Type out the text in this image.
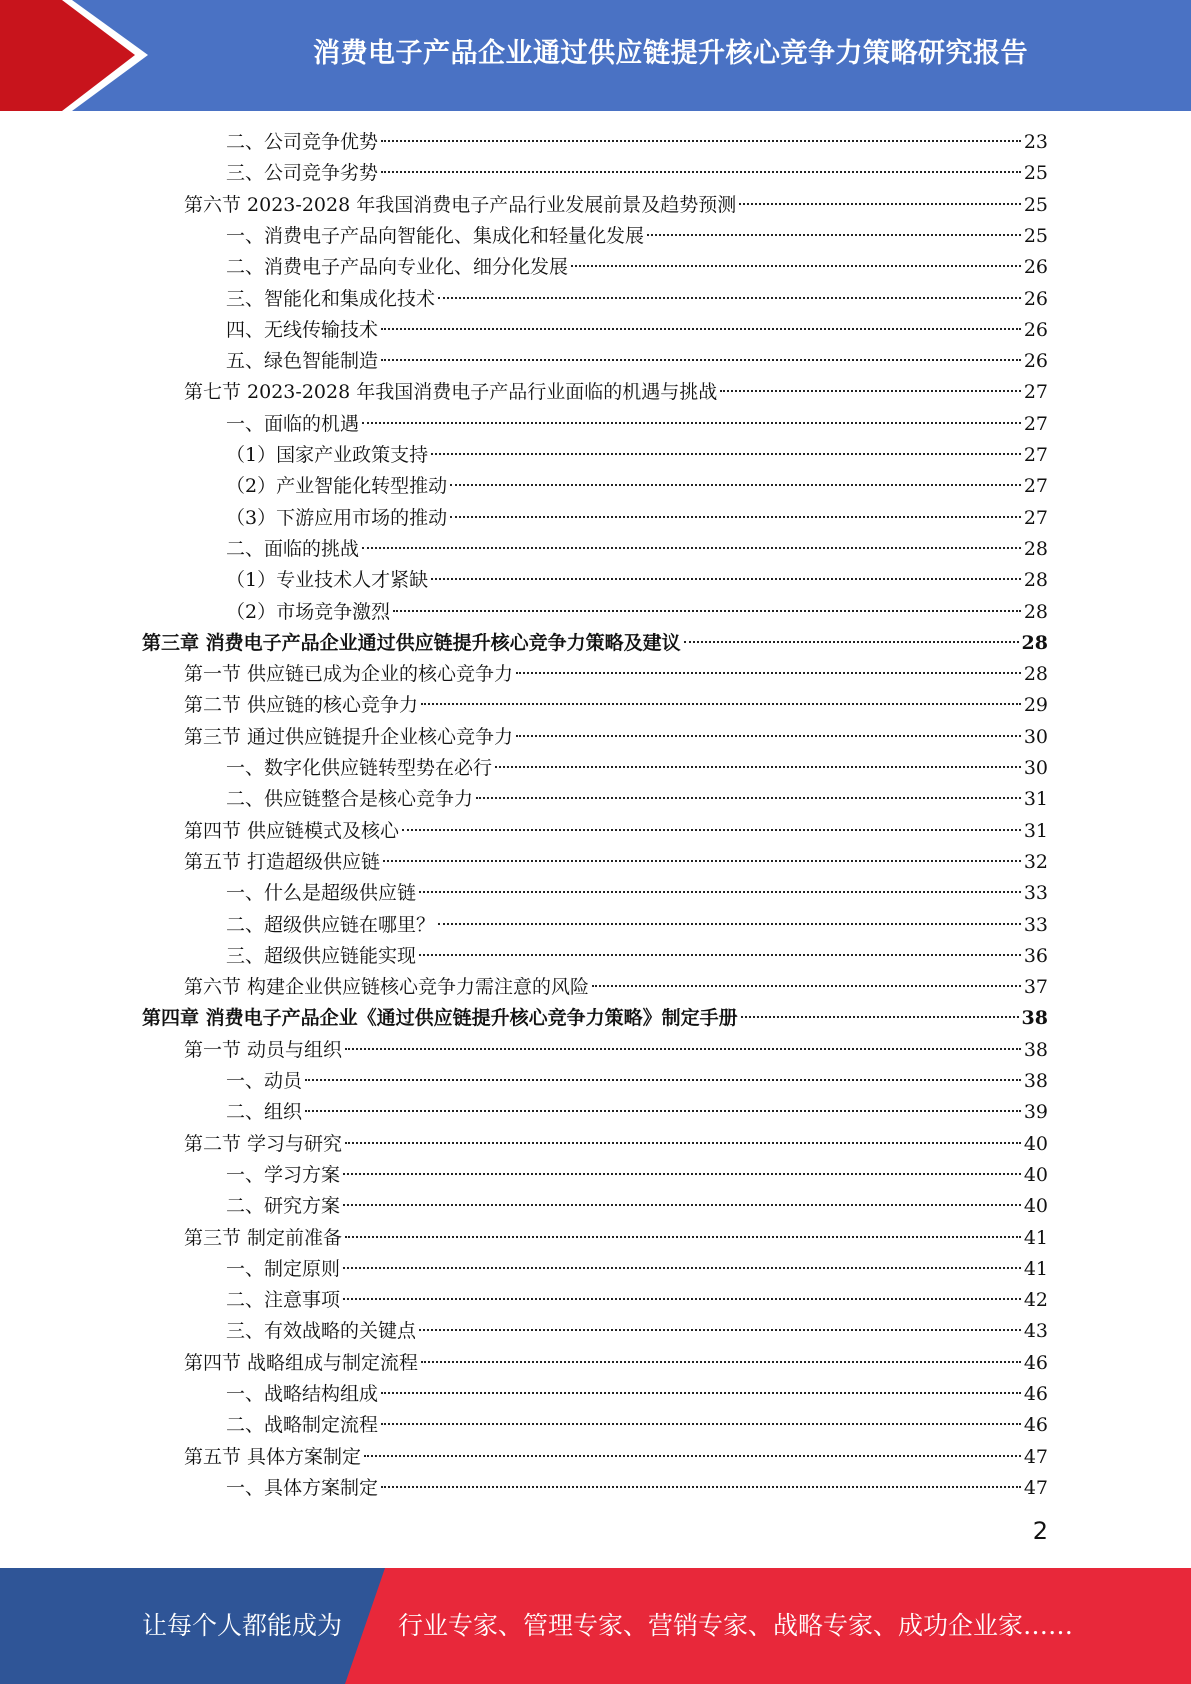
消费电子产品企业通过供应链提升核心竞争力策略研究报告
二、公司竞争优势	23
三、公司竞争劣势	25
第六节 2023-2028 年我国消费电子产品行业发展前景及趋势预测	25
一、消费电子产品向智能化、集成化和轻量化发展	25
二、消费电子产品向专业化、细分化发展	26
三、智能化和集成化技术	26
四、无线传输技术	26
五、绿色智能制造	26
第七节 2023-2028 年我国消费电子产品行业面临的机遇与挑战	27
一、面临的机遇	27
（1）国家产业政策支持	27
（2）产业智能化转型推动	27
（3）下游应用市场的推动	27
二、面临的挑战	28
（1）专业技术人才紧缺	28
（2）市场竞争激烈	28
第三章 消费电子产品企业通过供应链提升核心竞争力策略及建议	28
第一节 供应链已成为企业的核心竞争力	28
第二节 供应链的核心竞争力	29
第三节 通过供应链提升企业核心竞争力	30
一、数字化供应链转型势在必行	30
二、供应链整合是核心竞争力	31
第四节 供应链模式及核心	31
第五节 打造超级供应链	32
一、什么是超级供应链	33
二、超级供应链在哪里？	33
三、超级供应链能实现	36
第六节 构建企业供应链核心竞争力需注意的风险	37
第四章 消费电子产品企业《通过供应链提升核心竞争力策略》制定手册	38
第一节 动员与组织	38
一、动员	38
二、组织	39
第二节 学习与研究	40
一、学习方案	40
二、研究方案	40
第三节 制定前准备	41
一、制定原则	41
二、注意事项	42
三、有效战略的关键点	43
第四节 战略组成与制定流程	46
一、战略结构组成	46
二、战略制定流程	46
第五节 具体方案制定	47
一、具体方案制定	47
2
让每个人都能成为 行业专家、管理专家、营销专家、战略专家、成功企业家……
